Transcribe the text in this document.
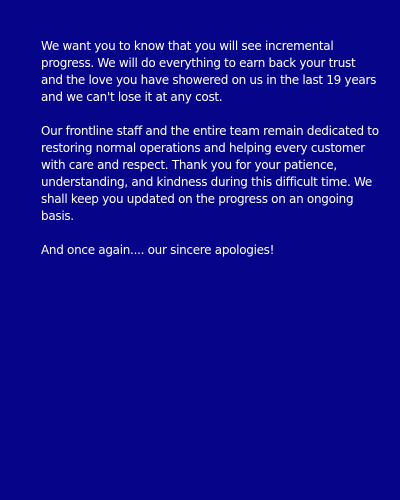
We want you to know that you will see incremental progress. We will do everything to earn back your trust and the love you have showered on us in the last 19 years and we can't lose it at any cost.

Our frontline staff and the entire team remain dedicated to restoring normal operations and helping every customer with care and respect. Thank you for your patience, understanding, and kindness during this difficult time. We shall keep you updated on the progress on an ongoing basis.

And once again.... our sincere apologies!
